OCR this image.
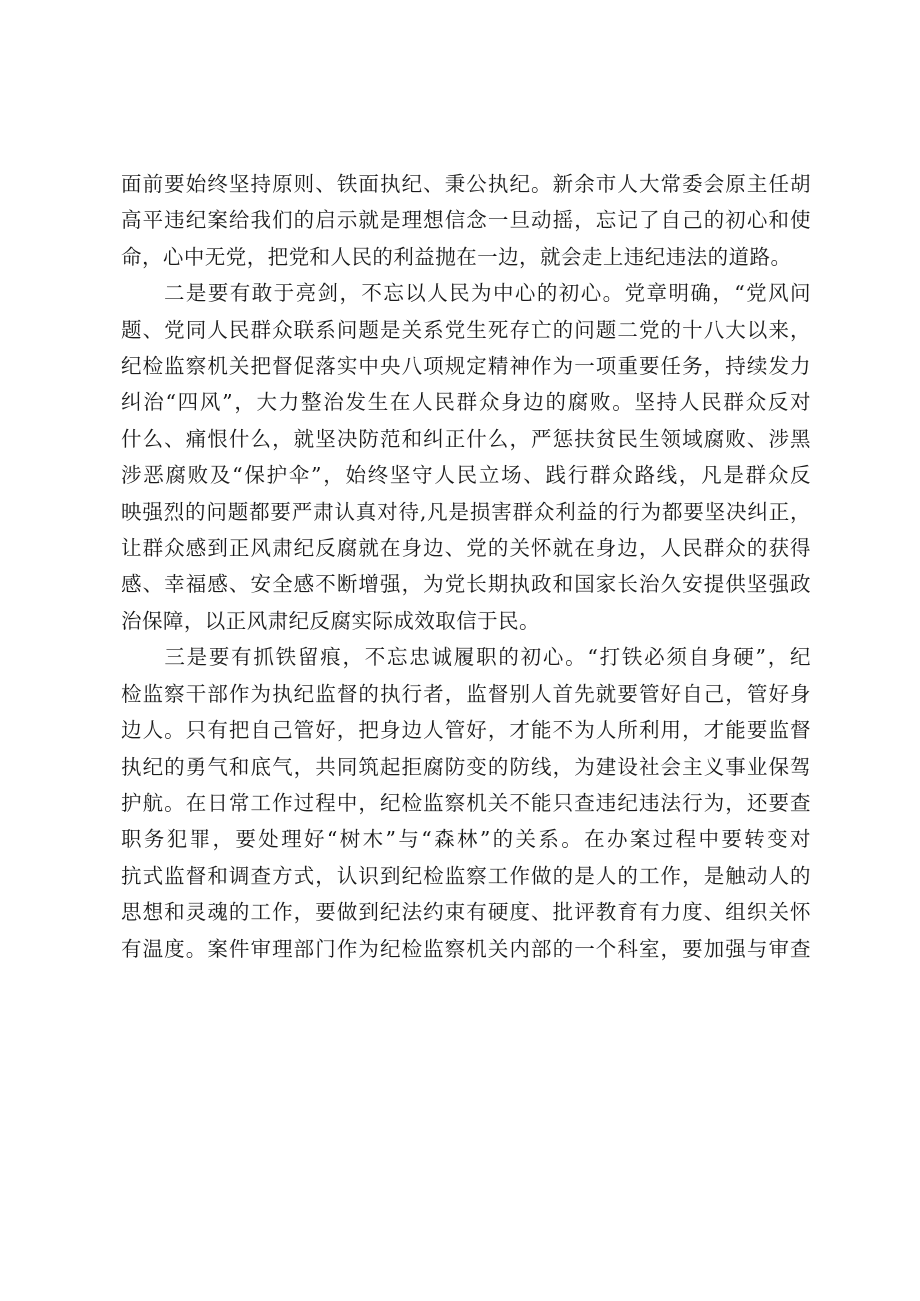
面前要始终坚持原则、铁面执纪、秉公执纪。新余市人大常委会原主任胡
高平违纪案给我们的启示就是理想信念一旦动摇，忘记了自己的初心和使
命，心中无党，把党和人民的利益抛在一边，就会走上违纪违法的道路。
二是要有敢于亮剑，不忘以人民为中心的初心。党章明确，“党风问
题、党同人民群众联系问题是关系党生死存亡的问题二党的十八大以来，
纪检监察机关把督促落实中央八项规定精神作为一项重要任务，持续发力
纠治“四风”，大力整治发生在人民群众身边的腐败。坚持人民群众反对
什么、痛恨什么，就坚决防范和纠正什么，严惩扶贫民生领域腐败、涉黑
涉恶腐败及“保护伞”，始终坚守人民立场、践行群众路线，凡是群众反
映强烈的问题都要严肃认真对待,凡是损害群众利益的行为都要坚决纠正，
让群众感到正风肃纪反腐就在身边、党的关怀就在身边，人民群众的获得
感、幸福感、安全感不断增强，为党长期执政和国家长治久安提供坚强政
治保障，以正风肃纪反腐实际成效取信于民。
三是要有抓铁留痕，不忘忠诚履职的初心。“打铁必须自身硬”，纪
检监察干部作为执纪监督的执行者，监督别人首先就要管好自己，管好身
边人。只有把自己管好，把身边人管好，才能不为人所利用，才能要监督
执纪的勇气和底气，共同筑起拒腐防变的防线，为建设社会主义事业保驾
护航。在日常工作过程中，纪检监察机关不能只查违纪违法行为，还要查
职务犯罪，要处理好“树木”与“森林”的关系。在办案过程中要转变对
抗式监督和调查方式，认识到纪检监察工作做的是人的工作，是触动人的
思想和灵魂的工作，要做到纪法约束有硬度、批评教育有力度、组织关怀
有温度。案件审理部门作为纪检监察机关内部的一个科室，要加强与审查
